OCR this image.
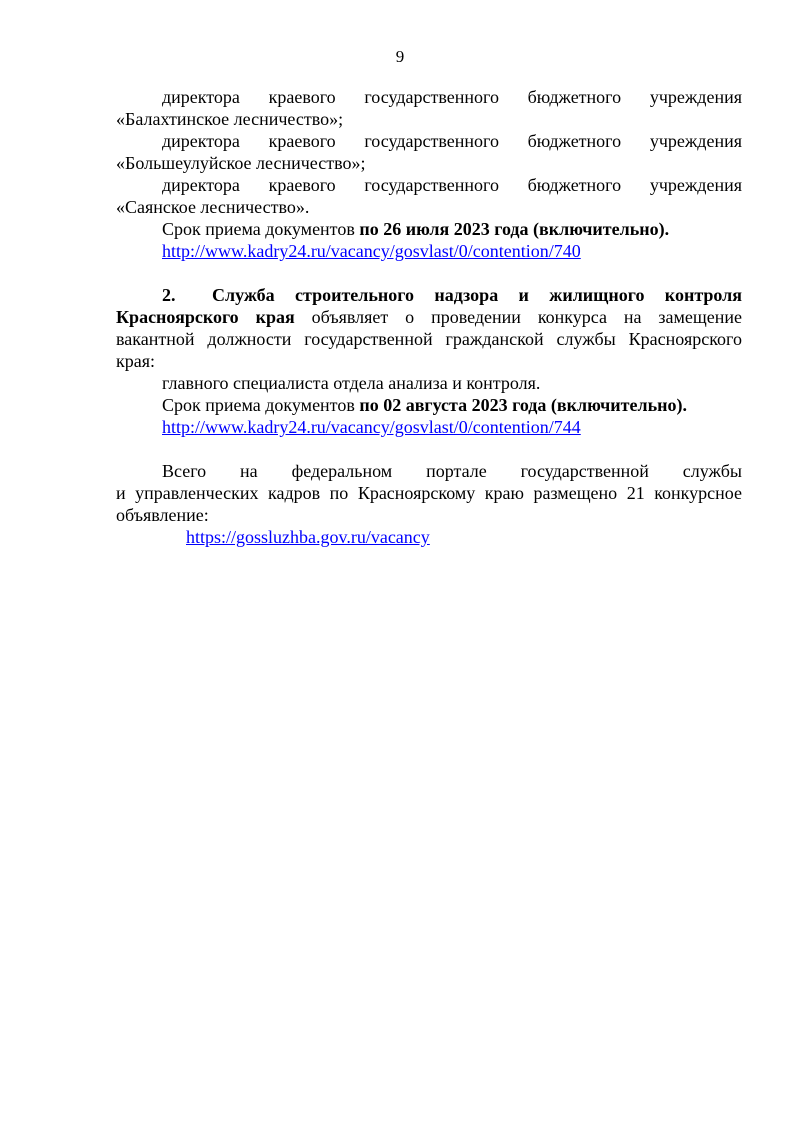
9
директора краевого государственного бюджетного учреждения
«Балахтинское лесничество»;
директора краевого государственного бюджетного учреждения
«Большеулуйское лесничество»;
директора краевого государственного бюджетного учреждения
«Саянское лесничество».
Срок приема документов по 26 июля 2023 года (включительно).
http://www.kadry24.ru/vacancy/gosvlast/0/contention/740
2. Служба строительного надзора и жилищного контроля
Красноярского края объявляет о проведении конкурса на замещение
вакантной должности государственной гражданской службы Красноярского
края:
главного специалиста отдела анализа и контроля.
Срок приема документов по 02 августа 2023 года (включительно).
http://www.kadry24.ru/vacancy/gosvlast/0/contention/744
Всего на федеральном портале государственной службы
и управленческих кадров по Красноярскому краю размещено 21 конкурсное
объявление:
https://gossluzhba.gov.ru/vacancy
